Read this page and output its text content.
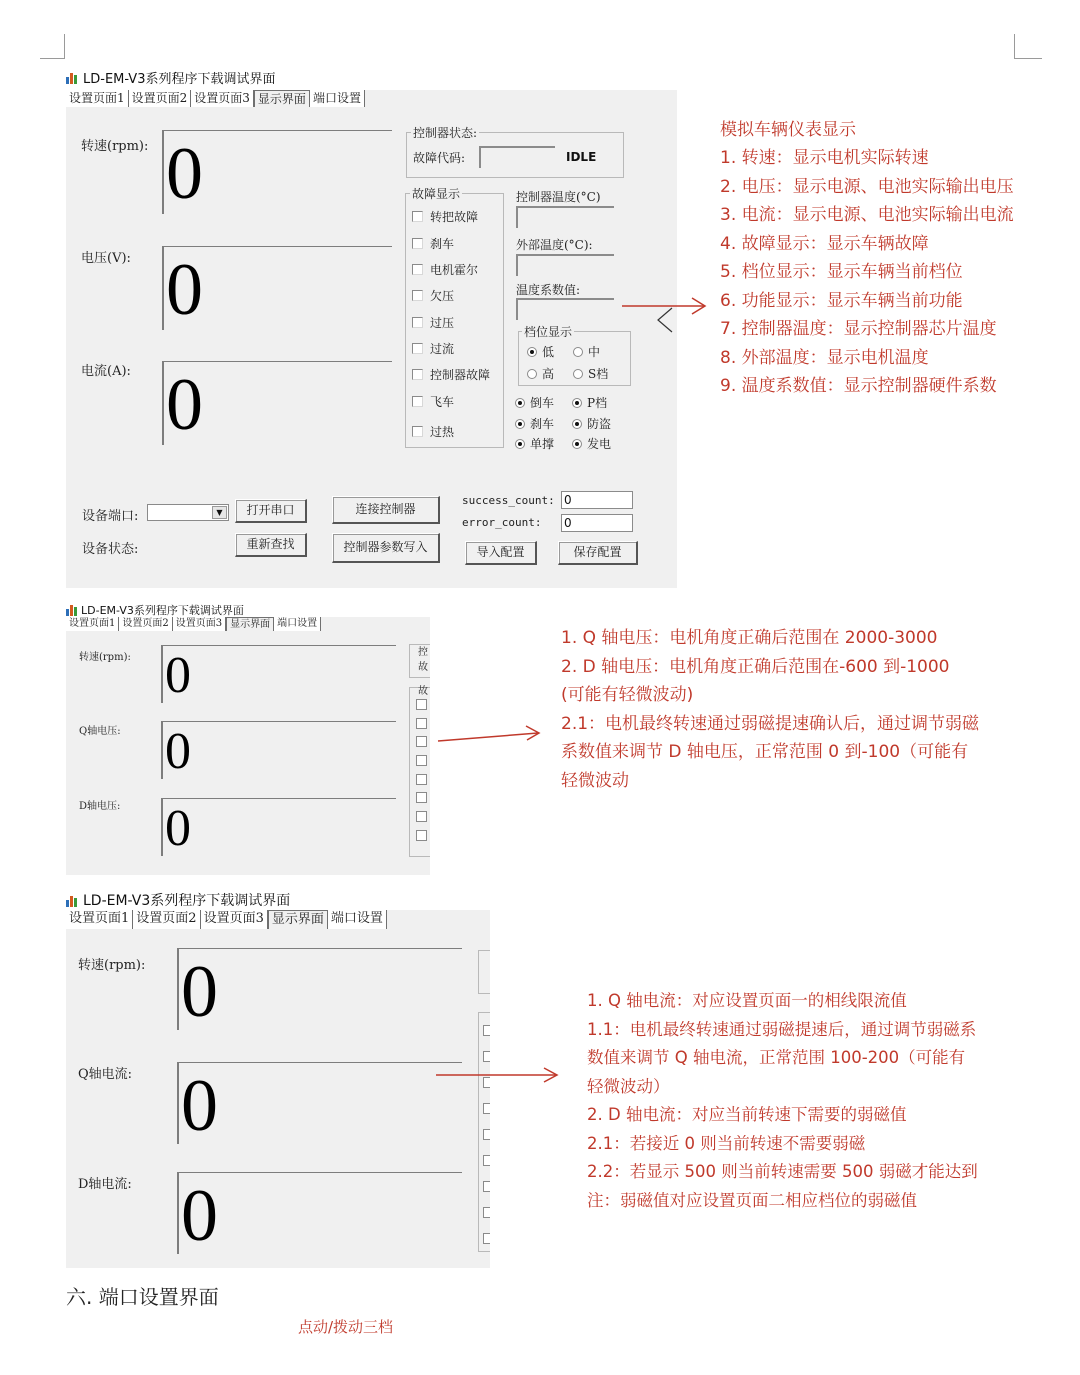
LD-EM-V3系列程序下载调试界面
设置页面1 设置页面2 设置页面3 显示界面 端口设置
转速(rpm): 0
电压(V): 0
电流(A): 0
控制器状态:
故障代码:	IDLE
故障显示
转把故障
刹车
电机霍尔
欠压
过压
过流
控制器故障
飞车
过热
控制器温度(°C)
外部温度(°C):
温度系数值:
档位显示
低	中
高	S档
倒车	P档
刹车	防盗
单撑	发电
设备端口:	▼
设备状态:
打开串口
重新查找
连接控制器
控制器参数写入
success_count: 0
error_count: 0
导入配置	保存配置
模拟车辆仪表显示
1. 转速：显示电机实际转速
2. 电压：显示电源、电池实际输出电压
3. 电流：显示电源、电池实际输出电流
4. 故障显示：显示车辆故障
5. 档位显示：显示车辆当前档位
6. 功能显示：显示车辆当前功能
7. 控制器温度：显示控制器芯片温度
8. 外部温度：显示电机温度
9. 温度系数值：显示控制器硬件系数
LD-EM-V3系列程序下载调试界面
设置页面1 设置页面2 设置页面3 显示界面 端口设置
转速(rpm): 0
Q轴电压: 0
D轴电压: 0
控
故
故
1. Q 轴电压：电机角度正确后范围在 2000-3000
2. D 轴电压：电机角度正确后范围在-600 到-1000
(可能有轻微波动)
2.1：电机最终转速通过弱磁提速确认后，通过调节弱磁
系数值来调节 D 轴电压，正常范围 0 到-100（可能有
轻微波动
LD-EM-V3系列程序下载调试界面
设置页面1 设置页面2 设置页面3 显示界面 端口设置
转速(rpm): 0
Q轴电流: 0
D轴电流: 0
1. Q 轴电流：对应设置页面一的相线限流值
1.1：电机最终转速通过弱磁提速后，通过调节弱磁系
数值来调节 Q 轴电流，正常范围 100-200（可能有
轻微波动）
2. D 轴电流：对应当前转速下需要的弱磁值
2.1：若接近 0 则当前转速不需要弱磁
2.2：若显示 500 则当前转速需要 500 弱磁才能达到
注：弱磁值对应设置页面二相应档位的弱磁值
六. 端口设置界面
点动/拨动三档
